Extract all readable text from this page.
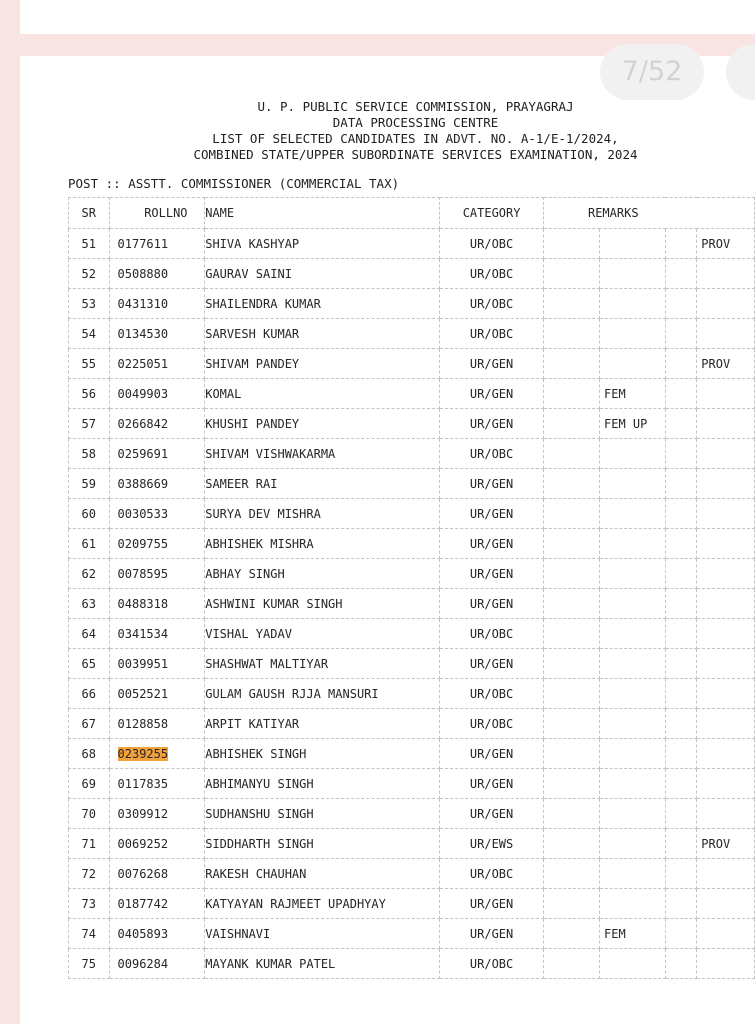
7/52
U. P. PUBLIC SERVICE COMMISSION, PRAYAGRAJ
DATA PROCESSING CENTRE
LIST OF SELECTED CANDIDATES IN ADVT. NO. A-1/E-1/2024,
COMBINED STATE/UPPER SUBORDINATE SERVICES EXAMINATION, 2024
POST :: ASSTT. COMMISSIONER (COMMERCIAL TAX)
SR	ROLLNO	NAME	CATEGORY	REMARKS			
51	0177611	SHIVA KASHYAP	UR/OBC				PROV
52	0508880	GAURAV SAINI	UR/OBC				
53	0431310	SHAILENDRA KUMAR	UR/OBC				
54	0134530	SARVESH KUMAR	UR/OBC				
55	0225051	SHIVAM PANDEY	UR/GEN				PROV
56	0049903	KOMAL	UR/GEN		FEM		
57	0266842	KHUSHI PANDEY	UR/GEN		FEM UP		
58	0259691	SHIVAM VISHWAKARMA	UR/OBC				
59	0388669	SAMEER RAI	UR/GEN				
60	0030533	SURYA DEV MISHRA	UR/GEN				
61	0209755	ABHISHEK MISHRA	UR/GEN				
62	0078595	ABHAY SINGH	UR/GEN				
63	0488318	ASHWINI KUMAR SINGH	UR/GEN				
64	0341534	VISHAL YADAV	UR/OBC				
65	0039951	SHASHWAT MALTIYAR	UR/GEN				
66	0052521	GULAM GAUSH RJJA MANSURI	UR/OBC				
67	0128858	ARPIT KATIYAR	UR/OBC				
68	0239255	ABHISHEK SINGH	UR/GEN				
69	0117835	ABHIMANYU SINGH	UR/GEN				
70	0309912	SUDHANSHU SINGH	UR/GEN				
71	0069252	SIDDHARTH SINGH	UR/EWS				PROV
72	0076268	RAKESH CHAUHAN	UR/OBC				
73	0187742	KATYAYAN RAJMEET UPADHYAY	UR/GEN				
74	0405893	VAISHNAVI	UR/GEN		FEM		
75	0096284	MAYANK KUMAR PATEL	UR/OBC				
